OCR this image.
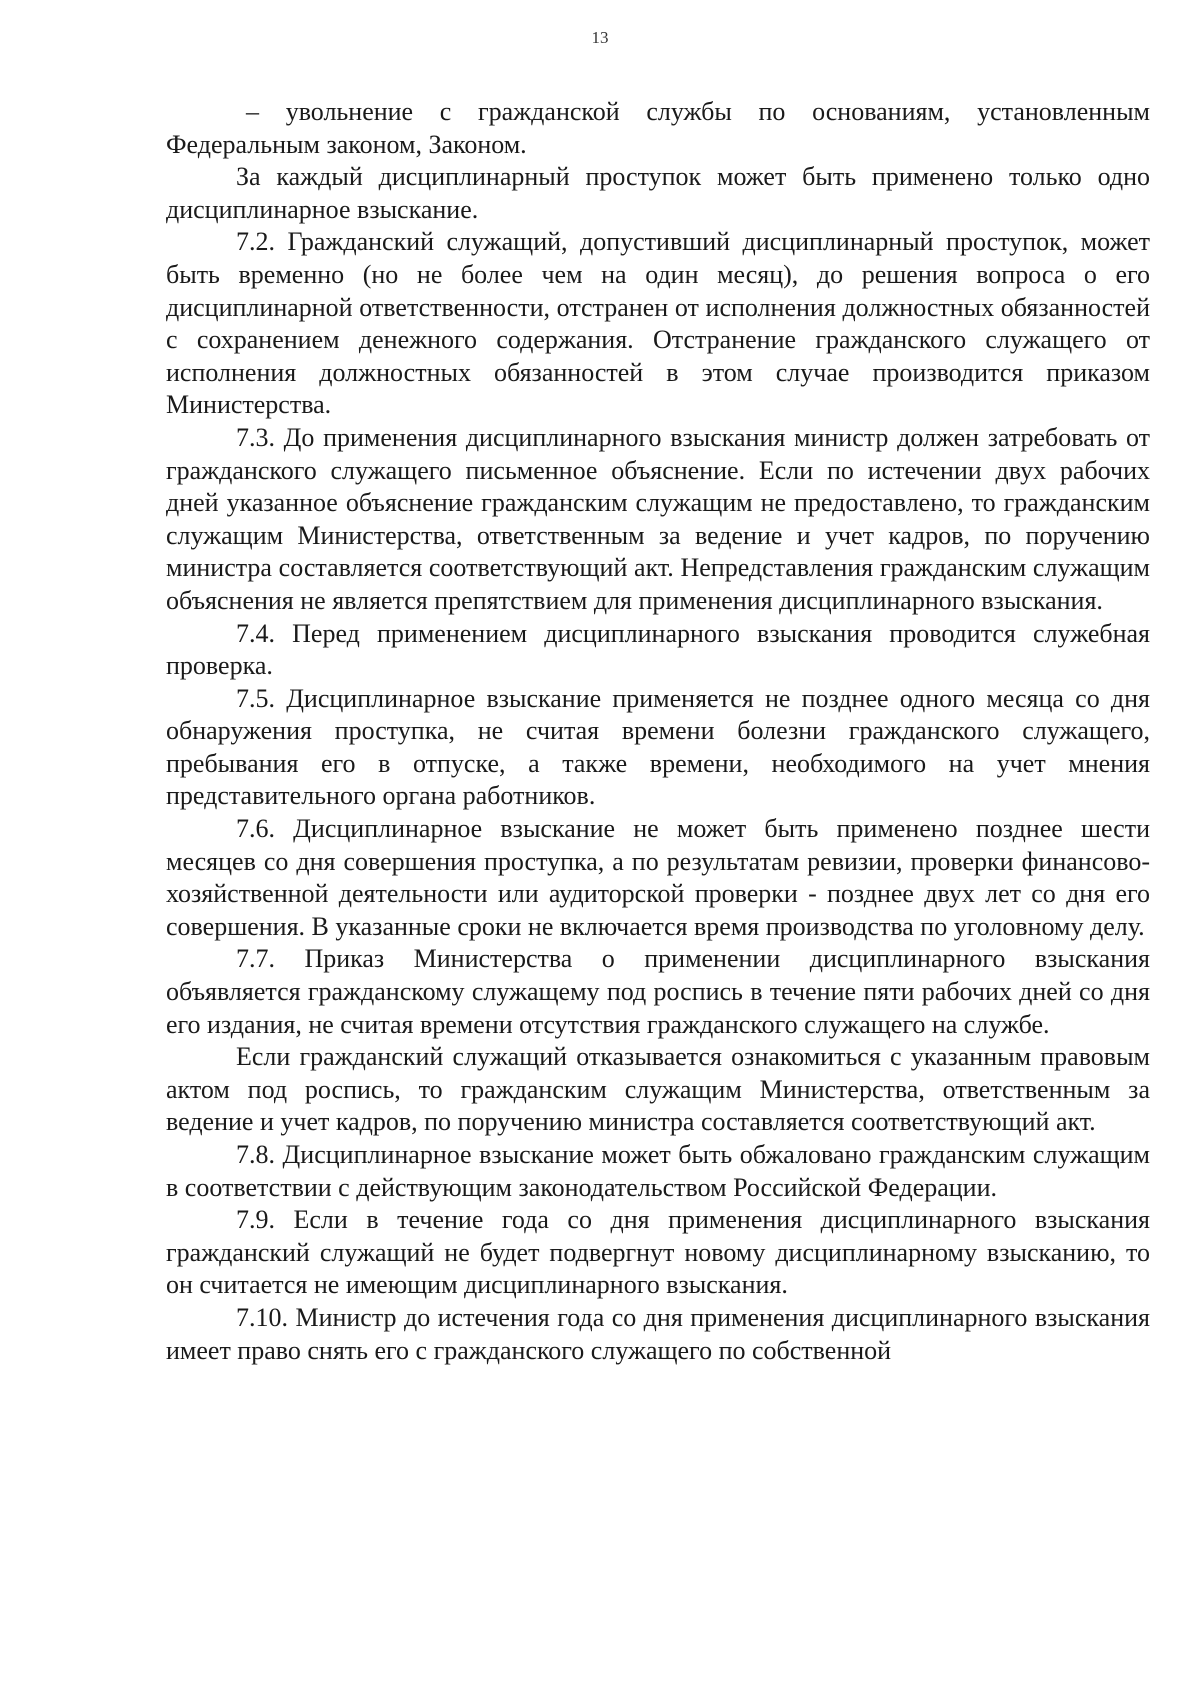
13

– увольнение с гражданской службы по основаниям, установленным Федеральным законом, Законом.

За каждый дисциплинарный проступок может быть применено только одно дисциплинарное взыскание.

7.2. Гражданский служащий, допустивший дисциплинарный проступок, может быть временно (но не более чем на один месяц), до решения вопроса о его дисциплинарной ответственности, отстранен от исполнения должностных обязанностей с сохранением денежного содержания. Отстранение гражданского служащего от исполнения должностных обязанностей в этом случае производится приказом Министерства.

7.3. До применения дисциплинарного взыскания министр должен затребовать от гражданского служащего письменное объяснение. Если по истечении двух рабочих дней указанное объяснение гражданским служащим не предоставлено, то гражданским служащим Министерства, ответственным за ведение и учет кадров, по поручению министра составляется соответствующий акт. Непредставления гражданским служащим объяснения не является препятствием для применения дисциплинарного взыскания.

7.4. Перед применением дисциплинарного взыскания проводится служебная проверка.

7.5. Дисциплинарное взыскание применяется не позднее одного месяца со дня обнаружения проступка, не считая времени болезни гражданского служащего, пребывания его в отпуске, а также времени, необходимого на учет мнения представительного органа работников.

7.6. Дисциплинарное взыскание не может быть применено позднее шести месяцев со дня совершения проступка, а по результатам ревизии, проверки финансово-хозяйственной деятельности или аудиторской проверки - позднее двух лет со дня его совершения. В указанные сроки не включается время производства по уголовному делу.

7.7. Приказ Министерства о применении дисциплинарного взыскания объявляется гражданскому служащему под роспись в течение пяти рабочих дней со дня его издания, не считая времени отсутствия гражданского служащего на службе.

Если гражданский служащий отказывается ознакомиться с указанным правовым актом под роспись, то гражданским служащим Министерства, ответственным за ведение и учет кадров, по поручению министра составляется соответствующий акт.

7.8. Дисциплинарное взыскание может быть обжаловано гражданским служащим в соответствии с действующим законодательством Российской Федерации.

7.9. Если в течение года со дня применения дисциплинарного взыскания гражданский служащий не будет подвергнут новому дисциплинарному взысканию, то он считается не имеющим дисциплинарного взыскания.

7.10. Министр до истечения года со дня применения дисциплинарного взыскания имеет право снять его с гражданского служащего по собственной
